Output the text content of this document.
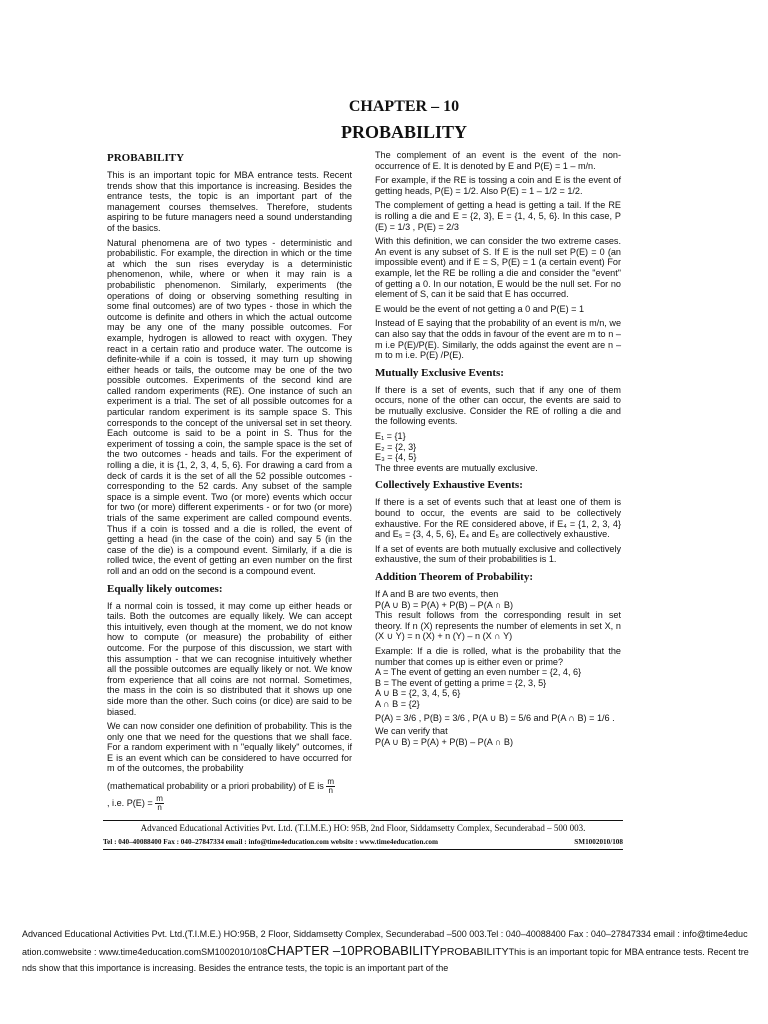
CHAPTER – 10
PROBABILITY
PROBABILITY

This is an important topic for MBA entrance tests. Recent trends show that this importance is increasing. Besides the entrance tests, the topic is an important part of the management courses themselves. Therefore, students aspiring to be future managers need a sound understanding of the basics.

Natural phenomena are of two types - deterministic and probabilistic. For example, the direction in which or the time at which the sun rises everyday is a deterministic phenomenon, while, where or when it may rain is a probabilistic phenomenon. Similarly, experiments (the operations of doing or observing something resulting in some final outcomes) are of two types - those in which the outcome is definite and others in which the actual outcome may be any one of the many possible outcomes. For example, hydrogen is allowed to react with oxygen. They react in a certain ratio and produce water. The outcome is definite-while if a coin is tossed, it may turn up showing either heads or tails, the outcome may be one of the two possible outcomes. Experiments of the second kind are called random experiments (RE). One instance of such an experiment is a trial. The set of all possible outcomes for a particular random experiment is its sample space S. This corresponds to the concept of the universal set in set theory. Each outcome is said to be a point in S. Thus for the experiment of tossing a coin, the sample space is the set of the two outcomes - heads and tails. For the experiment of rolling a die, it is {1, 2, 3, 4, 5, 6}. For drawing a card from a deck of cards it is the set of all the 52 possible outcomes - corresponding to the 52 cards. Any subset of the sample space is a simple event. Two (or more) events which occur for two (or more) different experiments - or for two (or more) trials of the same experiment are called compound events. Thus if a coin is tossed and a die is rolled, the event of getting a head (in the case of the coin) and say 5 (in the case of the die) is a compound event. Similarly, if a die is rolled twice, the event of getting an even number on the first roll and an odd on the second is a compound event.

Equally likely outcomes:

If a normal coin is tossed, it may come up either heads or tails. Both the outcomes are equally likely. We can accept this intuitively, even though at the moment, we do not know how to compute (or measure) the probability of either outcome. For the purpose of this discussion, we start with this assumption - that we can recognise intuitively whether all the possible outcomes are equally likely or not. We know from experience that all coins are not normal. Sometimes, the mass in the coin is so distributed that it shows up one side more than the other. Such coins (or dice) are said to be biased.

We can now consider one definition of probability. This is the only one that we need for the questions that we shall face. For a random experiment with n "equally likely" outcomes, if E is an event which can be considered to have occurred for m of the outcomes, the probability

(mathematical probability or a priori probability) of E is $\frac{m}{n}$

, i.e. $P(E) = \frac{m}{n}$

The complement of an event is the event of the non-occurrence of E. It is denoted by E and P(E) = 1 – m/n.

For example, if the RE is tossing a coin and E is the event of getting heads, P(E) = 1/2. Also P(E) = 1 – 1/2 = 1/2.

The complement of getting a head is getting a tail. If the RE is rolling a die and E = {2, 3}, E = {1, 4, 5, 6}. In this case, P (E) = 1/3 , P(E) = 2/3

With this definition, we can consider the two extreme cases. An event is any subset of S. If E is the null set P(E) = 0 (an impossible event) and if E = S, P(E) = 1 (a certain event) For example, let the RE be rolling a die and consider the "event" of getting a 0. In our notation, E would be the null set. For no element of S, can it be said that E has occurred.

E would be the event of not getting a 0 and P(E) = 1

Instead of E saying that the probability of an event is m/n, we can also say that the odds in favour of the event are m to n – m i.e P(E)/P(E). Similarly, the odds against the event are n – m to m i.e. P(E) /P(E).

Mutually Exclusive Events:

If there is a set of events, such that if any one of them occurs, none of the other can occur, the events are said to be mutually exclusive. Consider the RE of rolling a die and the following events.

E₁ = {1}
E₂ = {2, 3}
E₃ = {4, 5}
The three events are mutually exclusive.
Collectively Exhaustive Events:

If there is a set of events such that at least one of them is bound to occur, the events are said to be collectively exhaustive. For the RE considered above, if E₄ = {1, 2, 3, 4} and E₅ = {3, 4, 5, 6}, E₄ and E₅ are collectively exhaustive.

If a set of events are both mutually exclusive and collectively exhaustive, the sum of their probabilities is 1.

Addition Theorem of Probability:
If A and B are two events, then
P(A ∪ B) = P(A) + P(B) – P(A ∩ B)
This result follows from the corresponding result in set theory. If n (X) represents the number of elements in set X, n (X ∪ Y) = n (X) + n (Y) – n (X ∩ Y)
Example: If a die is rolled, what is the probability that the number that comes up is either even or prime?
A = The event of getting an even number = {2, 4, 6}
B = The event of getting a prime = {2, 3, 5}
A ∪ B = {2, 3, 4, 5, 6}
A ∩ B = {2}
P(A) = 3/6 , P(B) = 3/6 , P(A ∪ B) = 5/6 and P(A ∩ B) = 1/6 .
We can verify that
P(A ∪ B) = P(A) + P(B) – P(A ∩ B)
Advanced Educational Activities Pvt. Ltd. (T.I.M.E.) HO: 95B, 2nd Floor, Siddamsetty Complex, Secunderabad – 500 003.
Tel : 040–40088400 Fax : 040–27847334 email : info@time4education.com website : www.time4education.com	SM1002010/108
Advanced Educational Activities Pvt. Ltd.(T.I.M.E.) HO:95B, 2 Floor, Siddamsetty Complex, Secunderabad –500 003.Tel : 040–40088400 Fax : 040–27847334 email : info@time4education.comwebsite : www.time4education.comSM1002010/108CHAPTER –10PROBABILITYPROBABILITYThis is an important topic for MBA entrance tests. Recent trends show that this importance is increasing. Besides the entrance tests, the topic is an important part of the
